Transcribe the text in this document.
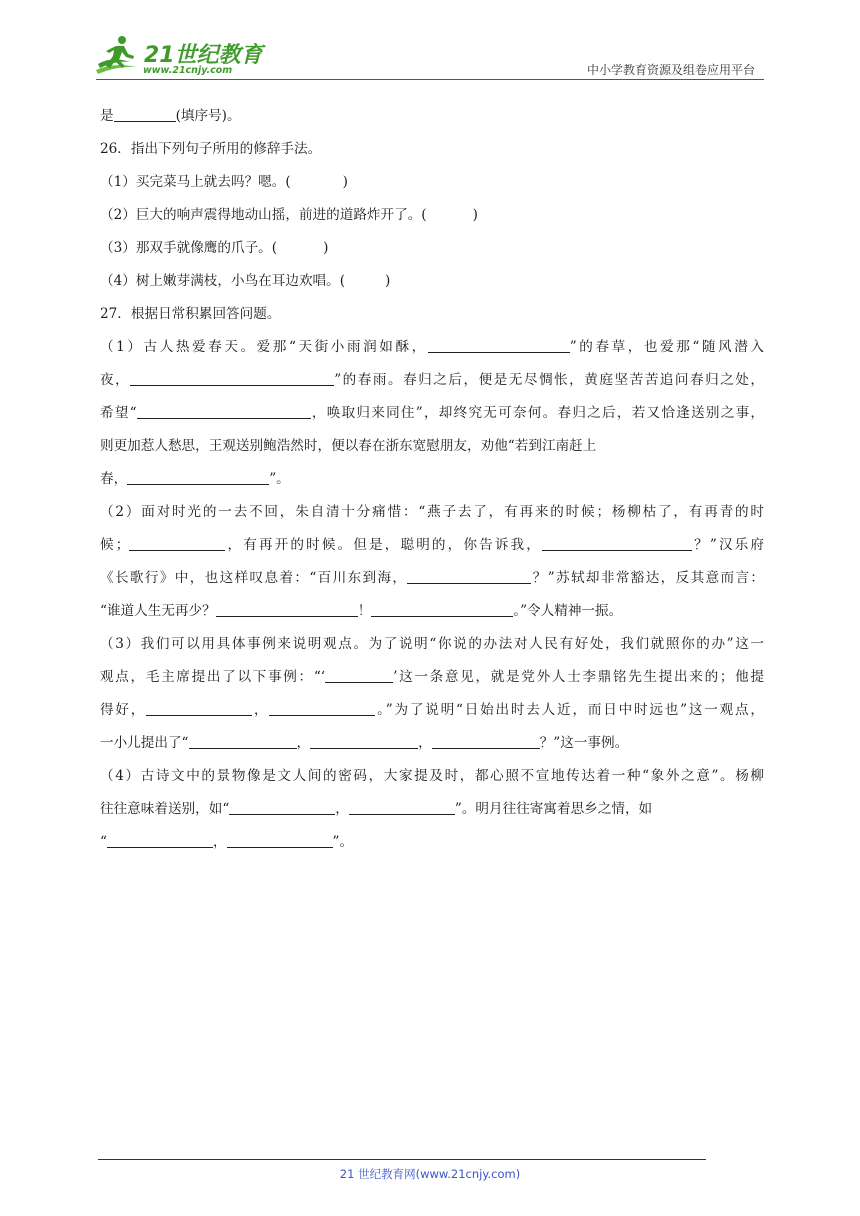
21世纪教育
www.21cnjy.com	中小学教育资源及组卷应用平台
是	(填序号)。
26．指出下列句子所用的修辞手法。
（1）买完菜马上就去吗？嗯。(	)
（2）巨大的响声震得地动山摇，前进的道路炸开了。(	)
（3）那双手就像鹰的爪子。(	)
（4）树上嫩芽满枝，小鸟在耳边欢唱。(	)
27．根据日常积累回答问题。
（1）古人热爱春天。爱那“天街小雨润如酥，	”的春草，也爱那“随风潜入
夜，	”的春雨。春归之后，便是无尽惆怅，黄庭坚苦苦追问春归之处，
希望“	，唤取归来同住”，却终究无可奈何。春归之后，若又恰逢送别之事，
则更加惹人愁思，王观送别鲍浩然时，便以春在浙东宽慰朋友，劝他“若到江南赶上
春，	”。
（2）面对时光的一去不回，朱自清十分痛惜：“燕子去了，有再来的时候；杨柳枯了，有再青的时
候；	，有再开的时候。但是，聪明的，你告诉我，	？”汉乐府
《长歌行》中，也这样叹息着：“百川东到海，	？”苏轼却非常豁达，反其意而言：
“谁道人生无再少？	！	。”令人精神一振。
（3）我们可以用具体事例来说明观点。为了说明“你说的办法对人民有好处，我们就照你的办”这一
观点，毛主席提出了以下事例：“‘	’这一条意见，就是党外人士李鼎铭先生提出来的；他提
得好，	，	。”为了说明“日始出时去人近，而日中时远也”这一观点，
一小儿提出了“	，	，	？”这一事例。
（4）古诗文中的景物像是文人间的密码，大家提及时，都心照不宣地传达着一种“象外之意”。杨柳
往往意味着送别，如“	，	”。明月往往寄寓着思乡之情，如
“	，	”。
21 世纪教育网(www.21cnjy.com)
